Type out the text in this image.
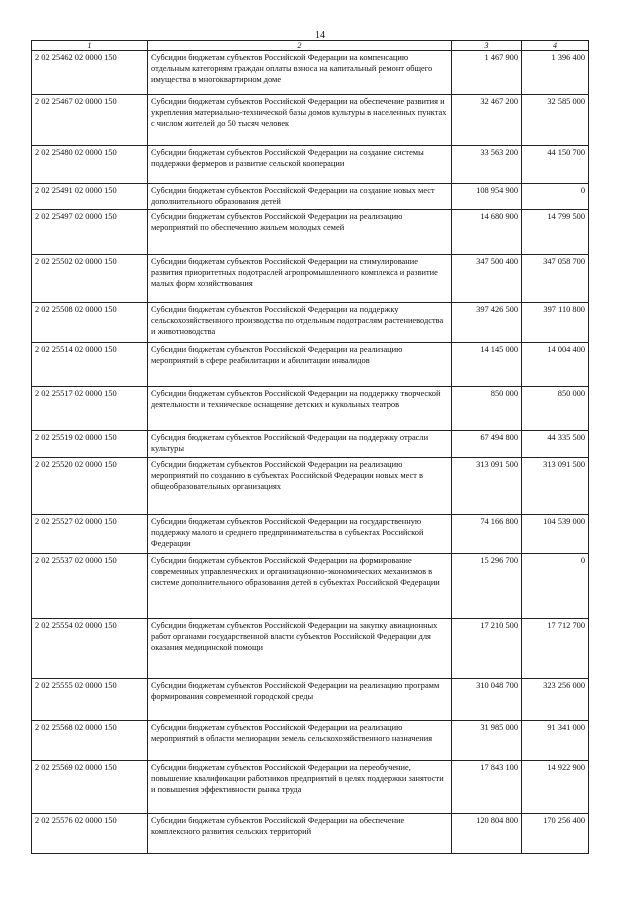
14
1	2	3	4
2 02 25462 02 0000 150	Субсидии бюджетам субъектов Российской Федерации на компенсацию отдельным категориям граждан оплаты взноса на капитальный ремонт общего имущества в многоквартирном доме	1 467 900	1 396 400
2 02 25467 02 0000 150	Субсидии бюджетам субъектов Российской Федерации на обеспечение развития и укрепления материально-технической базы домов культуры в населенных пунктах с числом жителей до 50 тысяч человек	32 467 200	32 585 000
2 02 25480 02 0000 150	Субсидии бюджетам субъектов Российской Федерации на создание системы поддержки фермеров и развитие сельской кооперации	33 563 200	44 150 700
2 02 25491 02 0000 150	Субсидии бюджетам субъектов Российской Федерации на создание новых мест дополнительного образования детей	108 954 900	0
2 02 25497 02 0000 150	Субсидии бюджетам субъектов Российской Федерации на реализацию мероприятий по обеспечению жильем молодых семей	14 680 900	14 799 500
2 02 25502 02 0000 150	Субсидии бюджетам субъектов Российской Федерации на стимулирование развития приоритетных подотраслей агропромышленного комплекса и развитие малых форм хозяйствования	347 500 400	347 058 700
2 02 25508 02 0000 150	Субсидии бюджетам субъектов Российской Федерации на поддержку сельскохозяйственного производства по отдельным подотраслям растениеводства и животноводства	397 426 500	397 110 800
2 02 25514 02 0000 150	Субсидии бюджетам субъектов Российской Федерации на реализацию мероприятий в сфере реабилитации и абилитации инвалидов	14 145 000	14 004 400
2 02 25517 02 0000 150	Субсидии бюджетам субъектов Российской Федерации на поддержку творческой деятельности и техническое оснащение детских и кукольных театров	850 000	850 000
2 02 25519 02 0000 150	Субсидия бюджетам субъектов Российской Федерации на поддержку отрасли культуры	67 494 800	44 335 500
2 02 25520 02 0000 150	Субсидии бюджетам субъектов Российской Федерации на реализацию мероприятий по созданию в субъектах Российской Федерации новых мест в общеобразовательных организациях	313 091 500	313 091 500
2 02 25527 02 0000 150	Субсидии бюджетам субъектов Российской Федерации на государственную поддержку малого и среднего предпринимательства в субъектах Российской Федерации	74 166 800	104 539 000
2 02 25537 02 0000 150	Субсидии бюджетам субъектов Российской Федерации на формирование современных управленческих и организационно-экономических механизмов в системе дополнительного образования детей в субъектах Российской Федерации	15 296 700	0
2 02 25554 02 0000 150	Субсидии бюджетам субъектов Российской Федерации на закупку авиационных работ органами государственной власти субъектов Российской Федерации для оказания медицинской помощи	17 210 500	17 712 700
2 02 25555 02 0000 150	Субсидии бюджетам субъектов Российской Федерации на реализацию программ формирования современной городской среды	310 048 700	323 256 000
2 02 25568 02 0000 150	Субсидии бюджетам субъектов Российской Федерации на реализацию мероприятий в области мелиорации земель сельскохозяйственного назначения	31 985 000	91 341 000
2 02 25569 02 0000 150	Субсидии бюджетам субъектов Российской Федерации на переобучение, повышение квалификации работников предприятий в целях поддержки занятости и повышения эффективности рынка труда	17 843 100	14 922 900
2 02 25576 02 0000 150	Субсидии бюджетам субъектов Российской Федерации на обеспечение комплексного развития сельских территорий	120 804 800	170 256 400
